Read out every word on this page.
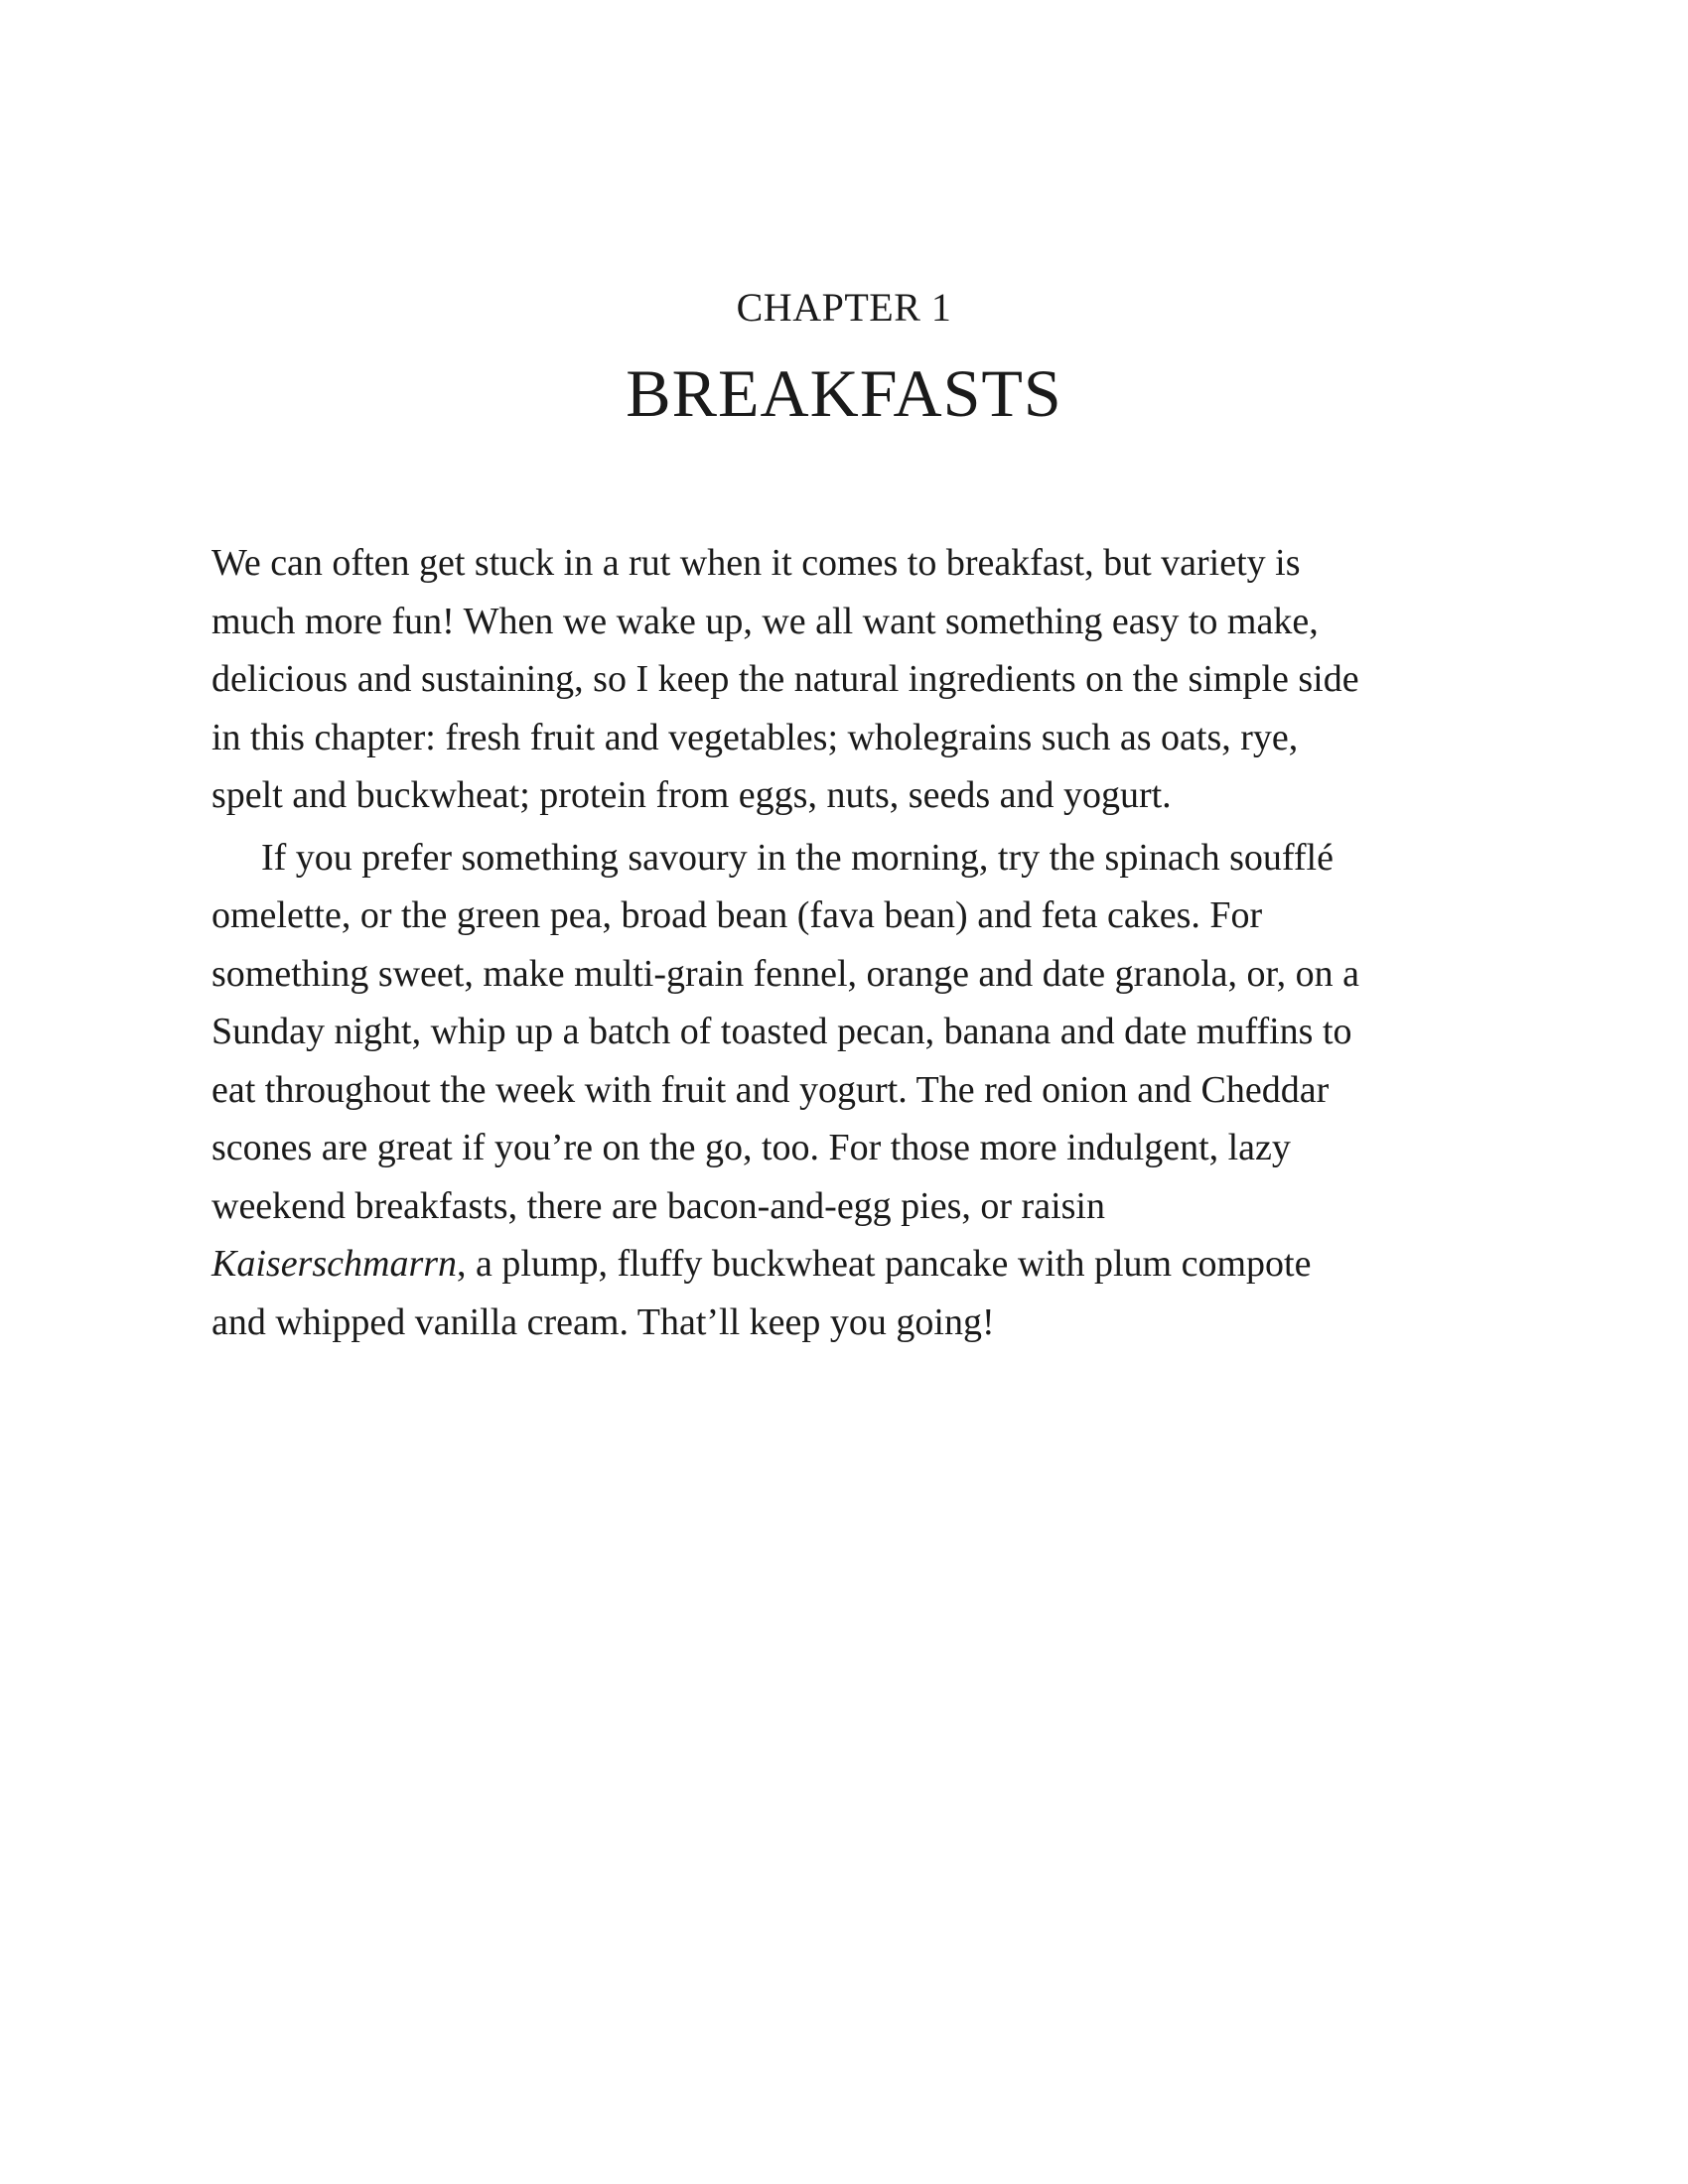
CHAPTER 1
BREAKFASTS

We can often get stuck in a rut when it comes to breakfast, but variety is
much more fun! When we wake up, we all want something easy to make,
delicious and sustaining, so I keep the natural ingredients on the simple side
in this chapter: fresh fruit and vegetables; wholegrains such as oats, rye,
spelt and buckwheat; protein from eggs, nuts, seeds and yogurt.

If you prefer something savoury in the morning, try the spinach soufflé
omelette, or the green pea, broad bean (fava bean) and feta cakes. For
something sweet, make multi-grain fennel, orange and date granola, or, on a
Sunday night, whip up a batch of toasted pecan, banana and date muffins to
eat throughout the week with fruit and yogurt. The red onion and Cheddar
scones are great if you’re on the go, too. For those more indulgent, lazy
weekend breakfasts, there are bacon-and-egg pies, or raisin
Kaiserschmarrn, a plump, fluffy buckwheat pancake with plum compote
and whipped vanilla cream. That’ll keep you going!
